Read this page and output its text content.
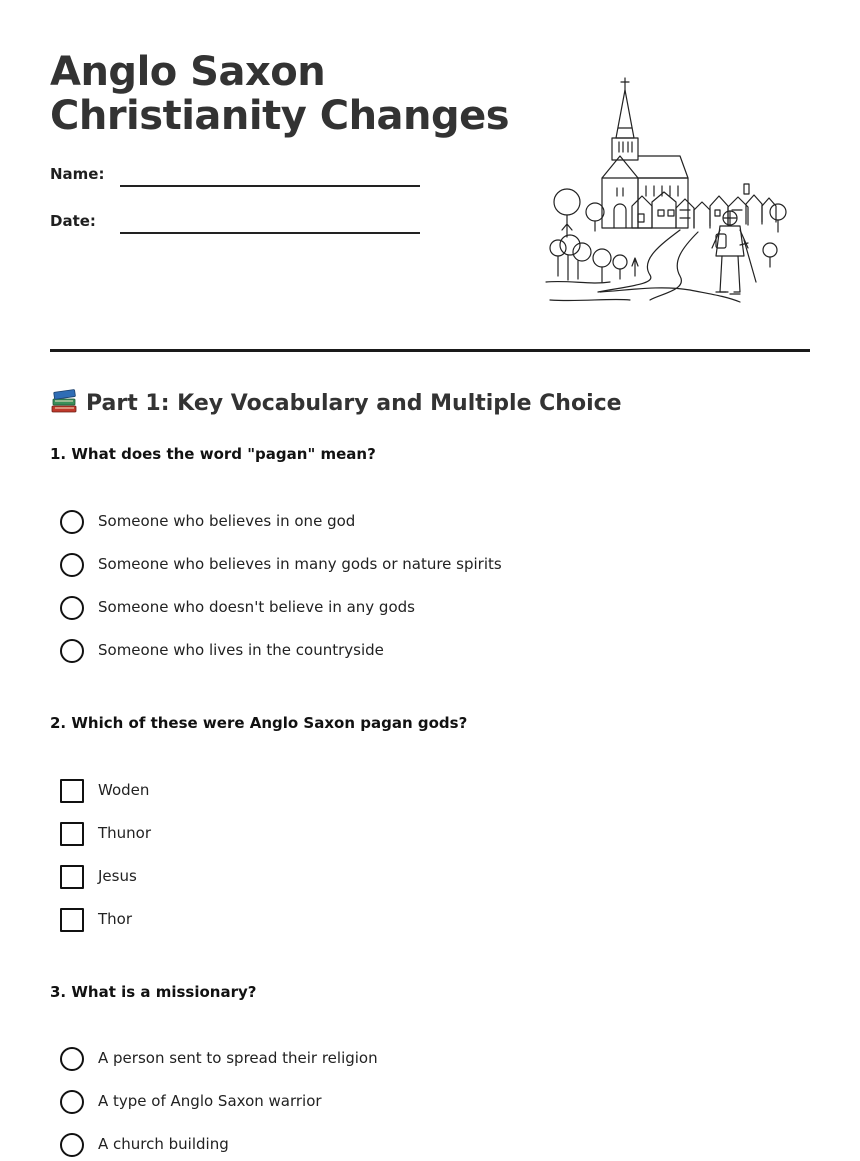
Anglo Saxon
Christianity Changes
Name:
Date:
Part 1: Key Vocabulary and Multiple Choice
1. What does the word "pagan" mean?
Someone who believes in one god
Someone who believes in many gods or nature spirits
Someone who doesn't believe in any gods
Someone who lives in the countryside
2. Which of these were Anglo Saxon pagan gods?
Woden
Thunor
Jesus
Thor
3. What is a missionary?
A person sent to spread their religion
A type of Anglo Saxon warrior
A church building
